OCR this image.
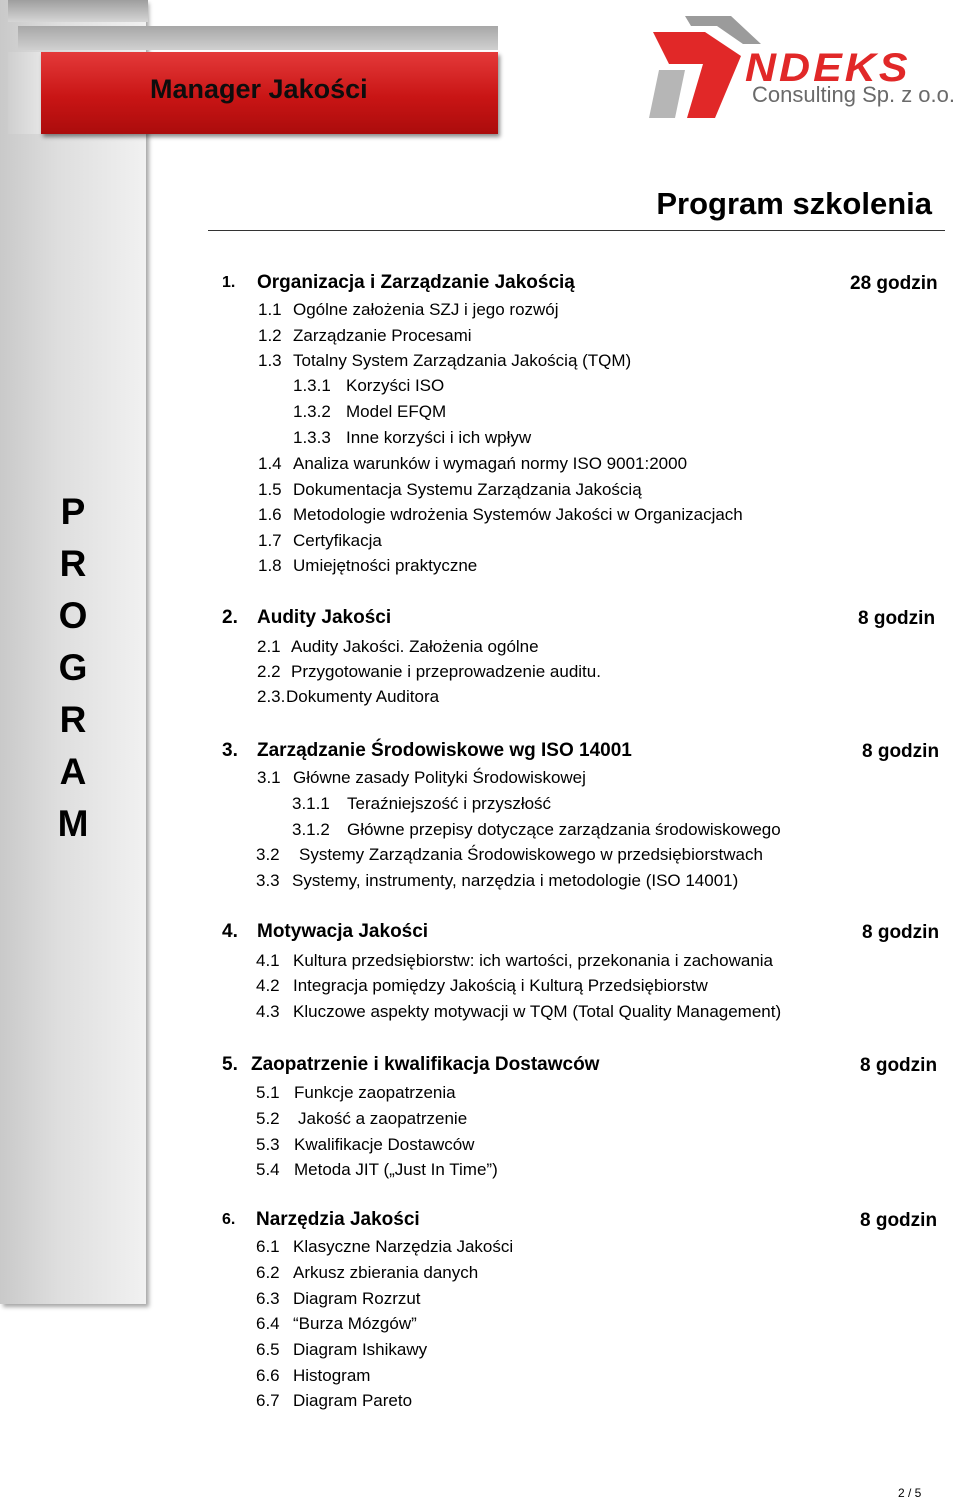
Manager Jakości	NDEKS
Consulting Sp. z o.o.
Program szkolenia
P
R
O
G
R
A
M
1. Organizacja i Zarządzanie Jakością	28 godzin
1.1 Ogólne założenia SZJ i jego rozwój
1.2 Zarządzanie Procesami
1.3 Totalny System Zarządzania Jakością (TQM)
1.3.1 Korzyści ISO
1.3.2 Model EFQM
1.3.3 Inne korzyści i ich wpływ
1.4 Analiza warunków i wymagań normy ISO 9001:2000
1.5 Dokumentacja Systemu Zarządzania Jakością
1.6 Metodologie wdrożenia Systemów Jakości w Organizacjach
1.7 Certyfikacja
1.8 Umiejętności praktyczne
2. Audity Jakości	8 godzin
2.1 Audity Jakości. Założenia ogólne
2.2 Przygotowanie i przeprowadzenie auditu.
2.3. Dokumenty Auditora
3. Zarządzanie Środowiskowe wg ISO 14001	8 godzin
3.1 Główne zasady Polityki Środowiskowej
3.1.1 Teraźniejszość i przyszłość
3.1.2 Główne przepisy dotyczące zarządzania środowiskowego
3.2 Systemy Zarządzania Środowiskowego w przedsiębiorstwach
3.3 Systemy, instrumenty, narzędzia i metodologie (ISO 14001)
4. Motywacja Jakości	8 godzin
4.1 Kultura przedsiębiorstw: ich wartości, przekonania i zachowania
4.2 Integracja pomiędzy Jakością i Kulturą Przedsiębiorstw
4.3 Kluczowe aspekty motywacji w TQM (Total Quality Management)
5. Zaopatrzenie i kwalifikacja Dostawców	8 godzin
5.1 Funkcje zaopatrzenia
5.2 Jakość a zaopatrzenie
5.3 Kwalifikacje Dostawców
5.4 Metoda JIT („Just In Time”)
6. Narzędzia Jakości	8 godzin
6.1 Klasyczne Narzędzia Jakości
6.2 Arkusz zbierania danych
6.3 Diagram Rozrzut
6.4 “Burza Mózgów”
6.5 Diagram Ishikawy
6.6 Histogram
6.7 Diagram Pareto
2 / 5
